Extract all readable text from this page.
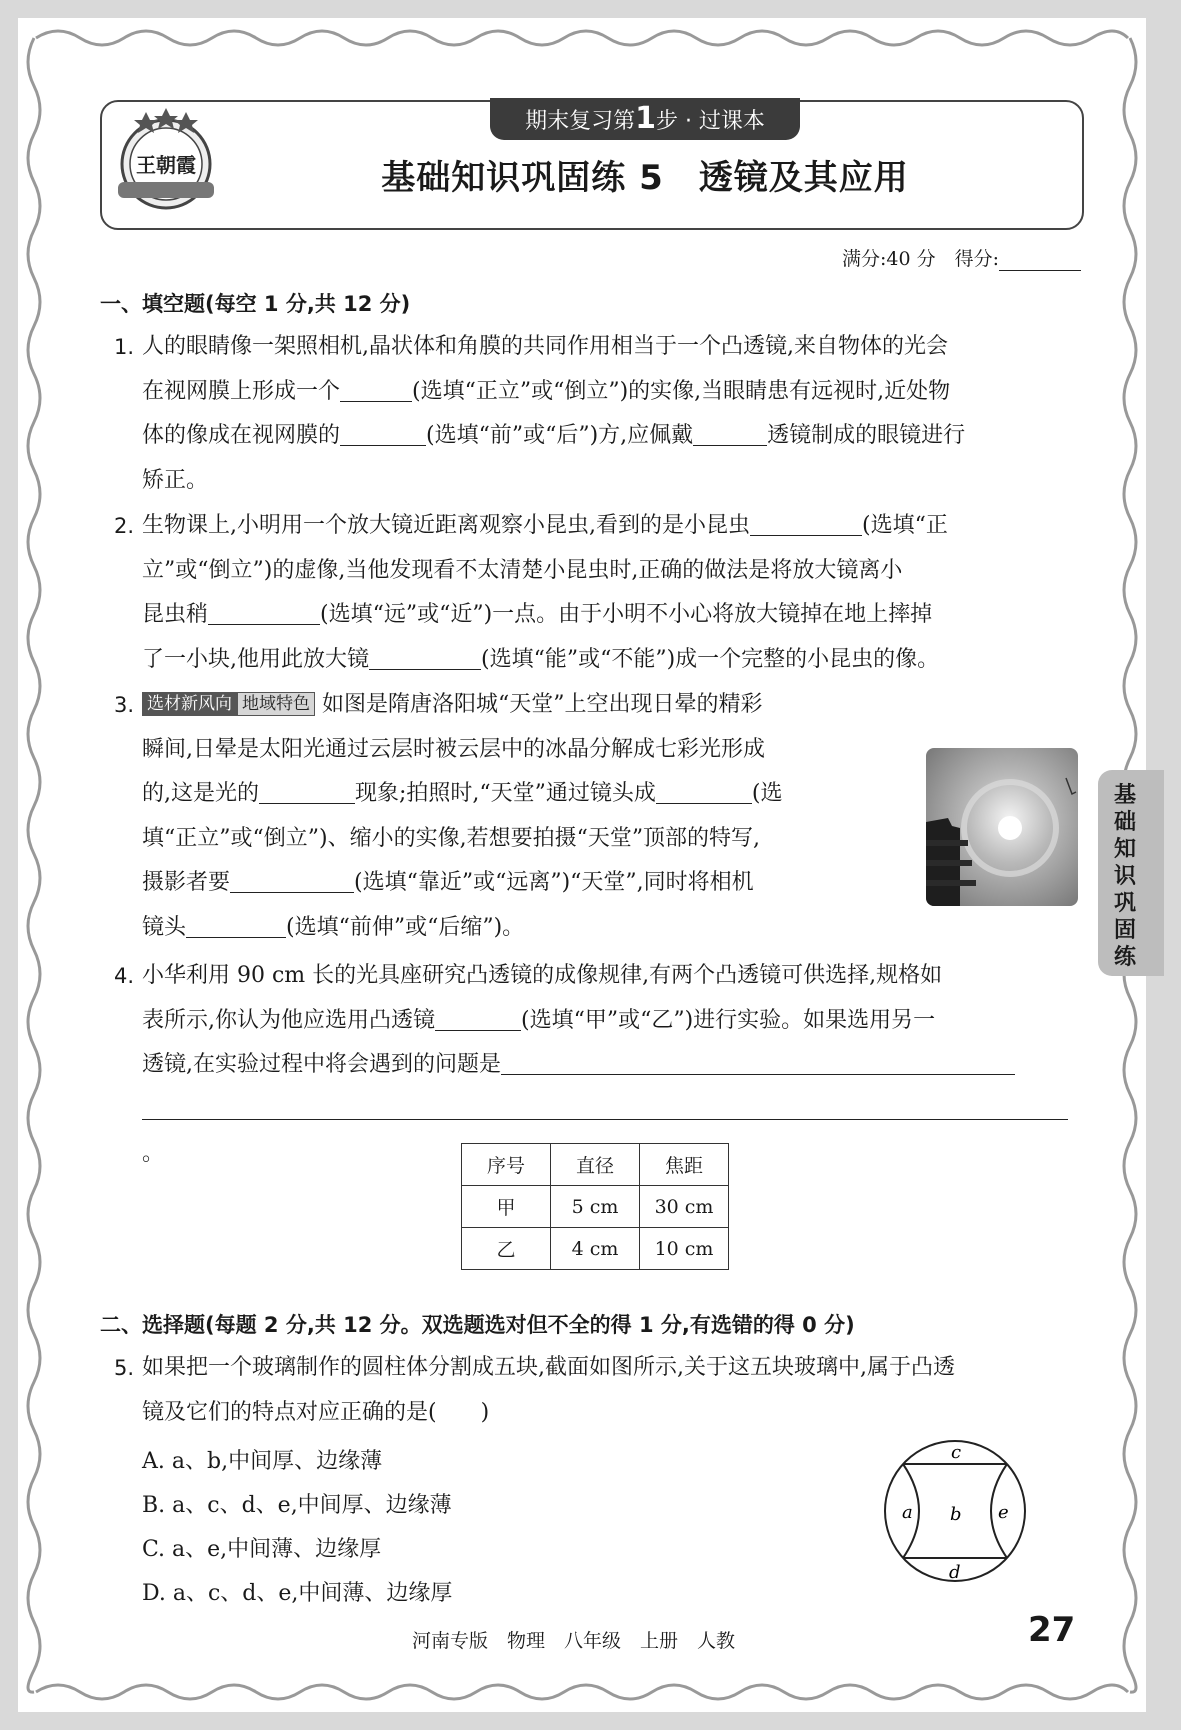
期末复习第1步 · 过课本
王朝霞	基础知识巩固练 5　透镜及其应用
满分:40 分　得分:
一、填空题(每空 1 分,共 12 分)
1. 人的眼睛像一架照相机,晶状体和角膜的共同作用相当于一个凸透镜,来自物体的光会
在视网膜上形成一个	(选填“正立”或“倒立”)的实像,当眼睛患有远视时,近处物
体的像成在视网膜的	(选填“前”或“后”)方,应佩戴	透镜制成的眼镜进行
矫正。
2. 生物课上,小明用一个放大镜近距离观察小昆虫,看到的是小昆虫	(选填“正
立”或“倒立”)的虚像,当他发现看不太清楚小昆虫时,正确的做法是将放大镜离小
昆虫稍	(选填“远”或“近”)一点。由于小明不小心将放大镜掉在地上摔掉
了一小块,他用此放大镜	(选填“能”或“不能”)成一个完整的小昆虫的像。
3. 选材新风向 地域特色 如图是隋唐洛阳城“天堂”上空出现日晕的精彩
瞬间,日晕是太阳光通过云层时被云层中的冰晶分解成七彩光形成
的,这是光的	现象;拍照时,“天堂”通过镜头成	(选
填“正立”或“倒立”)、缩小的实像,若想要拍摄“天堂”顶部的特写,
摄影者要	(选填“靠近”或“远离”)“天堂”,同时将相机
镜头	(选填“前伸”或“后缩”)。
4. 小华利用 90 cm 长的光具座研究凸透镜的成像规律,有两个凸透镜可供选择,规格如
表所示,你认为他应选用凸透镜	(选填“甲”或“乙”)进行实验。如果选用另一
透镜,在实验过程中将会遇到的问题是
。	序号	直径	焦距
甲	5 cm	30 cm
乙	4 cm	10 cm
二、选择题(每题 2 分,共 12 分。双选题选对但不全的得 1 分,有选错的得 0 分)
5. 如果把一个玻璃制作的圆柱体分割成五块,截面如图所示,关于这五块玻璃中,属于凸透
镜及它们的特点对应正确的是(　　)
A. a、b,中间厚、边缘薄
B. a、c、d、e,中间厚、边缘薄
C. a、e,中间薄、边缘厚
D. a、c、d、e,中间薄、边缘厚
c
a b e
d
基础知识巩固练
河南专版　物理　八年级　上册　人教	27
